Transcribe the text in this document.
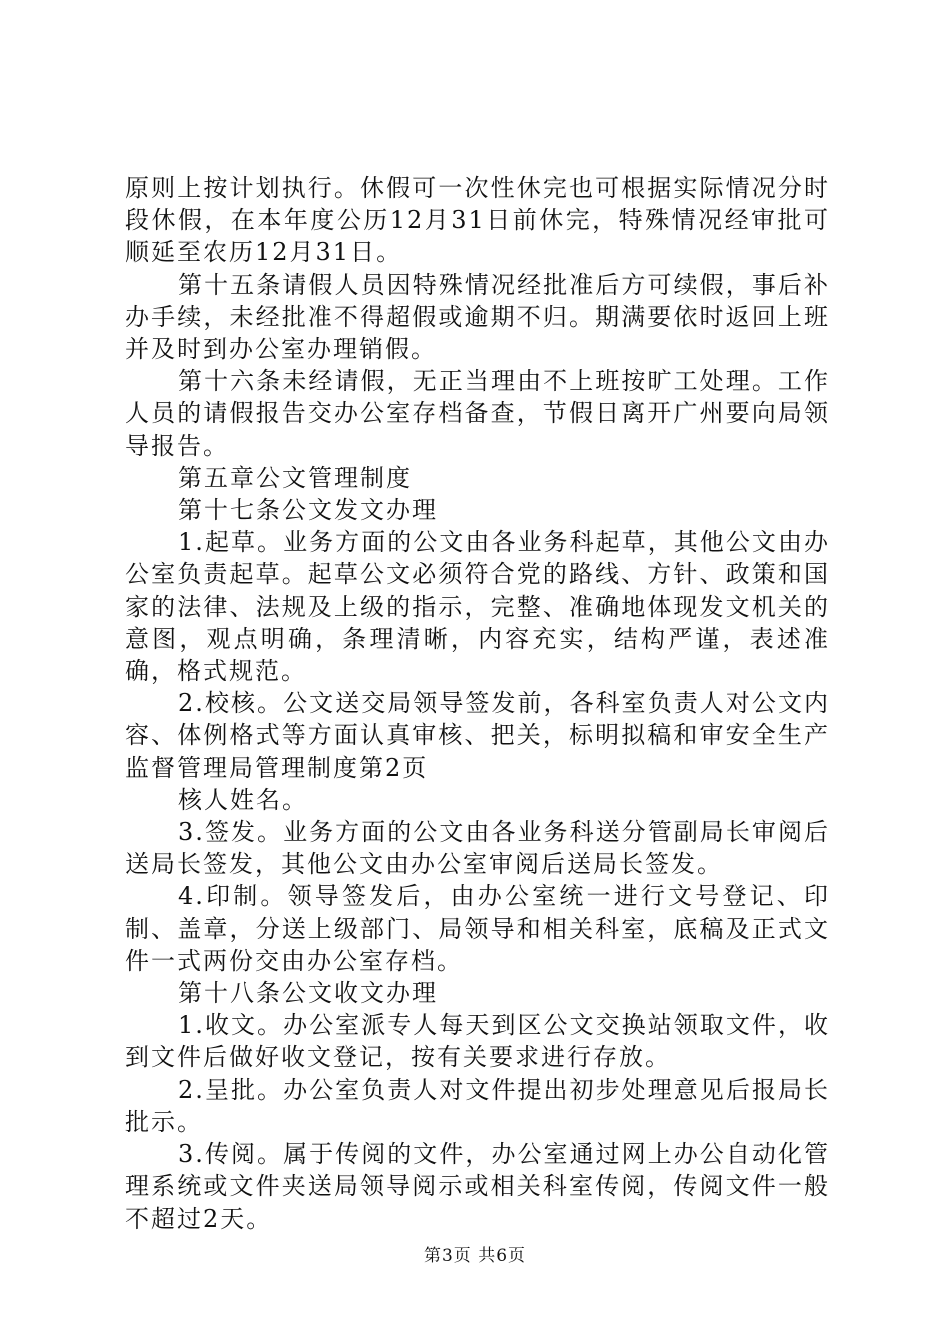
原则上按计划执行。休假可一次性休完也可根据实际情况分时段休假，在本年度公历12月31日前休完，特殊情况经审批可顺延至农历12月31日。

第十五条请假人员因特殊情况经批准后方可续假，事后补办手续，未经批准不得超假或逾期不归。期满要依时返回上班并及时到办公室办理销假。

第十六条未经请假，无正当理由不上班按旷工处理。工作人员的请假报告交办公室存档备查，节假日离开广州要向局领导报告。

第五章公文管理制度

第十七条公文发文办理

1.起草。业务方面的公文由各业务科起草，其他公文由办公室负责起草。起草公文必须符合党的路线、方针、政策和国家的法律、法规及上级的指示，完整、准确地体现发文机关的意图，观点明确，条理清晰，内容充实，结构严谨，表述准确，格式规范。

2.校核。公文送交局领导签发前，各科室负责人对公文内容、体例格式等方面认真审核、把关，标明拟稿和审安全生产监督管理局管理制度第2页

核人姓名。

3.签发。业务方面的公文由各业务科送分管副局长审阅后送局长签发，其他公文由办公室审阅后送局长签发。

4.印制。领导签发后，由办公室统一进行文号登记、印制、盖章，分送上级部门、局领导和相关科室，底稿及正式文件一式两份交由办公室存档。

第十八条公文收文办理

1.收文。办公室派专人每天到区公文交换站领取文件，收到文件后做好收文登记，按有关要求进行存放。

2.呈批。办公室负责人对文件提出初步处理意见后报局长批示。

3.传阅。属于传阅的文件，办公室通过网上办公自动化管理系统或文件夹送局领导阅示或相关科室传阅，传阅文件一般不超过2天。

第3页 共6页
